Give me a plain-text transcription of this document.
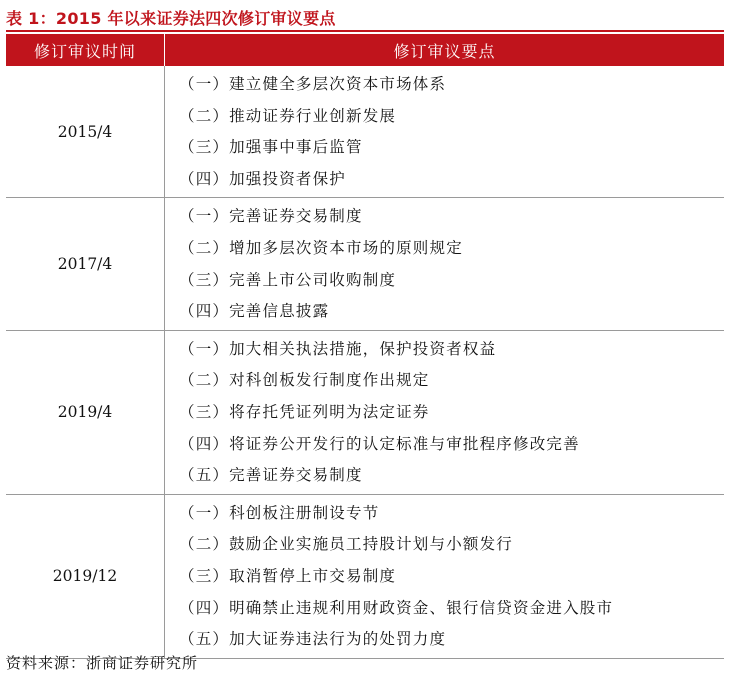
表 1：2015 年以来证券法四次修订审议要点
修订审议时间	修订审议要点
2015/4	（一）建立健全多层次资本市场体系
（二）推动证券行业创新发展
（三）加强事中事后监管
（四）加强投资者保护

2017/4	（一）完善证券交易制度
（二）增加多层次资本市场的原则规定
（三）完善上市公司收购制度
（四）完善信息披露

2019/4	（一）加大相关执法措施，保护投资者权益
（二）对科创板发行制度作出规定
（三）将存托凭证列明为法定证券
（四）将证券公开发行的认定标准与审批程序修改完善
（五）完善证券交易制度

2019/12	（一）科创板注册制设专节
（二）鼓励企业实施员工持股计划与小额发行
（三）取消暂停上市交易制度
（四）明确禁止违规利用财政资金、银行信贷资金进入股市
（五）加大证券违法行为的处罚力度
资料来源：浙商证券研究所
